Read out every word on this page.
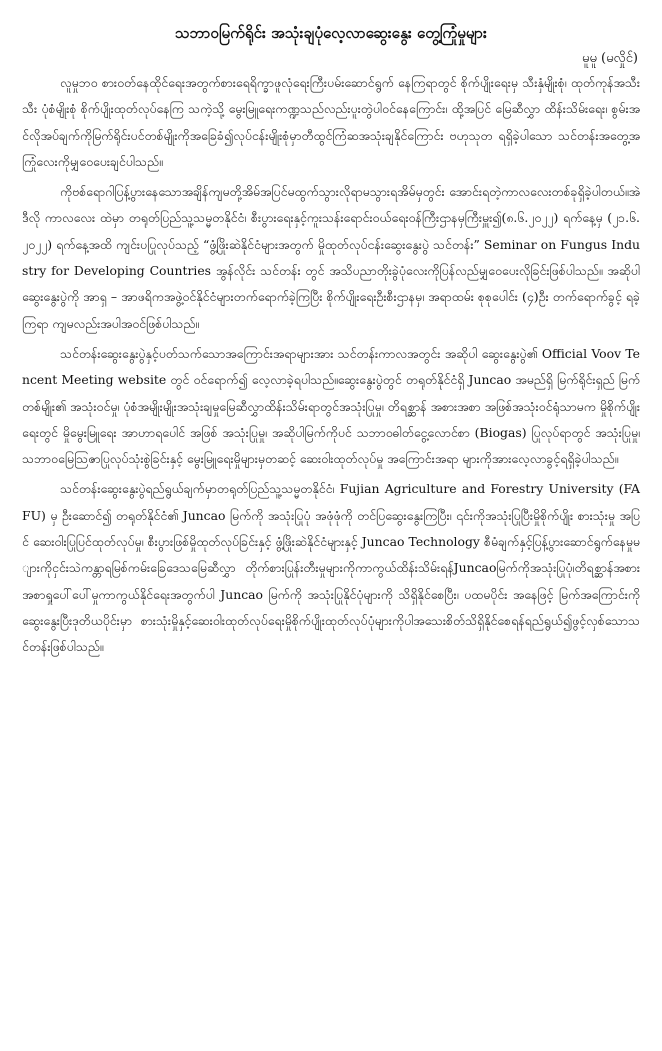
သဘာဝမြက်ရိုင်း အသုံးချပုံလေ့လာဆွေးနွေး တွေ့ကြုံမှုများ
မူမူ (မလှိုင်)

လူမှုဘဝ စားဝတ်နေထိုင်ရေးအတွက်စားရေရိက္ခာဖူလုံရေးကြီးပမ်းဆောင်ရွက် နေကြရာတွင် စိုက်ပျိုးရေးမှ သီးနှံမျိုးစုံ၊ ထုတ်ကုန်အသီးသီး ပုံစံမျိုးစုံ စိုက်ပျိုးထုတ်လုပ်နေကြ သကဲ့သို့ မွေးမြူရေးကဏ္ဍသည်လည်းပူးတွဲပါဝင်နေကြောင်း၊ ထို့အပြင် မြေဆီလွှာ ထိန်းသိမ်းရေး၊ စွမ်းအင်လိုအပ်ချက်ကိုမြက်ရိုင်းပင်တစ်မျိုးကိုအခြေခံ၍လုပ်ငန်းမျိုးစုံမှာတီထွင်ကြံဆအသုံးချနိုင်ကြောင်း ဗဟုသုတ ရရှိခဲ့ပါသော သင်တန်းအတွေ့အကြုံလေးကိုမျှဝေပေးချင်ပါသည်။

ကိုဗစ်ရောဂါပြန့်ပွားနေသောအချိန်ကျမတို့အိမ်အပြင်မထွက်သွားလိုရာမသွားရအိမ်မှတွင်း အောင်းရတဲ့ကာလလေးတစ်ခုရှိခဲ့ပါတယ်။အဲဒီလို ကာလလေး ထဲမှာ တရုတ်ပြည်သူ့သမ္မတနိုင်ငံ၊ စီးပွားရေးနှင့်ကူးသန်းရောင်းဝယ်ရေးဝန်ကြီးဌာနမှကြီးမှူး၍(၈.၆.၂၀၂၂) ရက်နေ့မှ (၂၁.၆.၂၀၂၂) ရက်နေ့အထိ ကျင်းပပြုလုပ်သည့် “ဖွံ့ဖြိုးဆဲနိုင်ငံများအတွက် မှိုထုတ်လုပ်ငန်းဆွေးနွေးပွဲ သင်တန်း” Seminar on Fungus Industry for Developing Countries အွန်လိုင်း သင်တန်း တွင် အသိပညာတိုးခွဲပုံလေးကိုပြန်လည်မျှဝေပေးလိုခြင်းဖြစ်ပါသည်။ အဆိုပါဆွေးနွေးပွဲကို အာရှ – အာဖရိကအဖွဲ့ဝင်နိုင်ငံများတက်ရောက်ခဲ့ကြပြီး စိုက်ပျိုးရေးဦးစီးဌာနမှ၊ အရာထမ်း စုစုပေါင်း (၄)ဦး တက်ရောက်ခွင့် ရခဲ့ကြရာ ကျမလည်းအပါအဝင်ဖြစ်ပါသည်။

သင်တန်းဆွေးနွေးပွဲနှင့်ပတ်သက်သောအကြောင်းအရာများအား သင်တန်းကာလအတွင်း အဆိုပါ ဆွေးနွေးပွဲ၏ Official Voov Tencent Meeting website တွင် ဝင်ရောက်၍ လေ့လာခဲ့ရပါသည်။ဆွေးနွေးပွဲတွင် တရုတ်နိုင်ငံရှိ Juncao အမည်ရှိ မြက်ရိုင်းရှည် မြက်တစ်မျိုး၏ အသုံးဝင်မှု၊ ပုံစံအမျိုးမျိုးအသုံးချမှုမြေဆီလွှာထိန်းသိမ်းရာတွင်အသုံးပြုမှု၊ တိရစ္ဆာန် အစားအစာ အဖြစ်အသုံးဝင်ရုံသာမက မှိုစိုက်ပျိုးရေးတွင် မှိုမွေးမြူရေး အာဟာရပေါင် အဖြစ် အသုံးပြုမှု၊ အဆိုပါမြက်ကိုပင် သဘာဝဓါတ်ငွေ့လောင်စာ (Biogas) ပြုလုပ်ရာတွင် အသုံးပြုမှု၊ သဘာဝမြေသြဇာပြုလုပ်သုံးစွဲခြင်းနှင့် မွေးမြူရေးမှိုများမှတဆင့် ဆေးဝါးထုတ်လုပ်မှု အကြောင်းအရာ များကိုအားလေ့လာခွင့်ရရှိခဲ့ပါသည်။

သင်တန်းဆွေးနွေးပွဲရည်ရွယ်ချက်မှာတရုတ်ပြည်သူ့သမ္မတနိုင်ငံ၊ Fujian Agriculture and Forestry University (FAFU) မှ ဦးဆောင်၍ တရုတ်နိုင်ငံ၏ Juncao မြက်ကို အသုံးပြုပုံ အဖုံဖုံကို တင်ပြဆွေးနွေးကြပြီး၊ ၎င်းကိုအသုံးပြုပြီးမှိုစိုက်ပျိုး စားသုံးမှု အပြင် ဆေးဝါးပြုပြင်ထုတ်လုပ်မှု၊ စီးပွားဖြစ်မှိုထုတ်လုပ်ခြင်းနှင့် ဖွံ့ဖြိုးဆဲနိုင်ငံများနှင့် Juncao Technology စီမံချက်နှင့်ပြန့်ပွားဆောင်ရွက်နေမှုများကိုငှင်းသဲကန္တာရမြစ်ကမ်းခြေဒေသမြေဆီလွှာ တိုက်စားပြုန်းတီးမှုများကိုကာကွယ်ထိန်းသိမ်းရန်Juncaoမြက်ကိုအသုံးပြုပုံ၊တိရစ္ဆာန်အစားအစာရှုပေါ်ပေါ်မှုကာကွယ်နိုင်ရေးအတွက်ပါ Juncao မြက်ကို အသုံးပြုနိုင်ပုံများကို သိရှိနိုင်စေပြီး၊ ပထမပိုင်း အနေဖြင့် မြက်အကြောင်းကိုဆွေးနွေးပြီးဒုတိယပိုင်းမှာ စားသုံးမှိုနှင့်ဆေးဝါးထုတ်လုပ်ရေးမှိုစိုက်ပျိုးထုတ်လုပ်ပုံများကိုပါအသေးစိတ်သိရှိနိုင်စေရန်ရည်ရွယ်၍ဖွင့်လှစ်သောသင်တန်းဖြစ်ပါသည်။
